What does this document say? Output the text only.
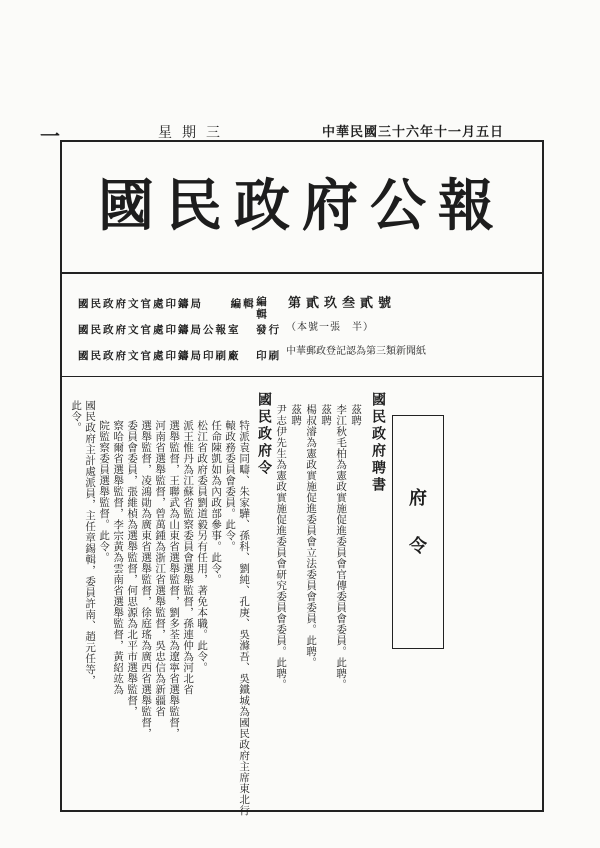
一	星期三	中華民國三十六年十一月五日
國民政府公報
編輯
國民政府文官處印鑄局	編輯
國民政府文官處印鑄局公報室 發行
國民政府文官處印鑄局印刷廠 印刷
第貳玖叁貳號
（本號一張　半）
中華郵政登記認為第三類新聞紙
府令
國民政府聘書
茲聘
李江秋毛柏為憲政實施促進委員會官傳委員會委員。此聘。
茲聘
楊叔濬為憲政實施促進委員會立法委員會委員。此聘。
茲聘
尹志伊先生為憲政實施促進委員會研究委員會委員。此聘。
國民政府令
特派袁同疇、朱家驊、孫科、劉純、孔庚、吳滌吾、吳鐵城為國民政府主席東北行
轅政務委員會委員。此令。
任命陳凱如為內政部參事。此令。
松江省政府委員劉道毅另有任用，著免本職。此令。
派王惟丹為江蘇省監察委員會選舉監督，孫連仲為河北省
選舉監督，王聯武為山東省選舉監督，劉多荃為遼寧省選舉監督，
河南省選舉監督，曾萬鍾為浙江省選舉監督，吳忠信為新疆省
選舉監督，凌鴻勛為廣東省選舉監督，徐庭瑤為廣西省選舉監督，
委員會委員，張維楨為選舉監督，何思源為北平市選舉監督，
察哈爾省選舉監督，李宗黃為雲南省選舉監督，黃紹竑為
院監察委員選舉監督。此令。
國民政府主計處派員，主任章錫輯，委員許南、趙元任等，
此令。
